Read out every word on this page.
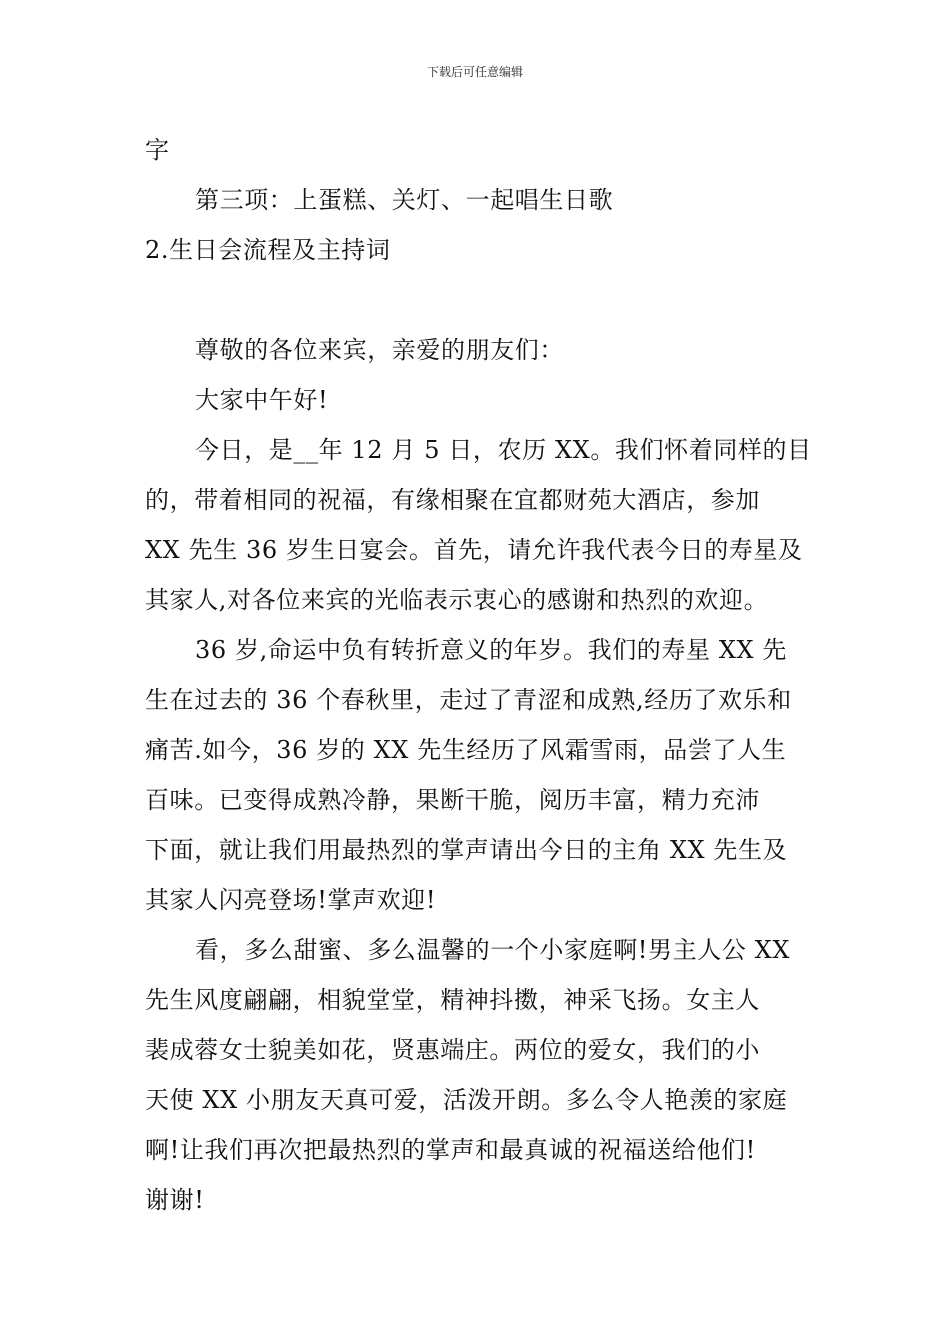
下载后可任意编辑
字
第三项：上蛋糕、关灯、一起唱生日歌
2.生日会流程及主持词
尊敬的各位来宾，亲爱的朋友们：
大家中午好!
今日，是__年 12 月 5 日，农历 XX。我们怀着同样的目
的，带着相同的祝福，有缘相聚在宜都财苑大酒店，参加
XX 先生 36 岁生日宴会。首先，请允许我代表今日的寿星及
其家人,对各位来宾的光临表示衷心的感谢和热烈的欢迎。
36 岁,命运中负有转折意义的年岁。我们的寿星 XX 先
生在过去的 36 个春秋里，走过了青涩和成熟,经历了欢乐和
痛苦.如今，36 岁的 XX 先生经历了风霜雪雨，品尝了人生
百味。已变得成熟冷静，果断干脆，阅历丰富，精力充沛
下面，就让我们用最热烈的掌声请出今日的主角 XX 先生及
其家人闪亮登场!掌声欢迎!
看，多么甜蜜、多么温馨的一个小家庭啊!男主人公 XX
先生风度翩翩，相貌堂堂，精神抖擞，神采飞扬。女主人
裴成蓉女士貌美如花，贤惠端庄。两位的爱女，我们的小
天使 XX 小朋友天真可爱，活泼开朗。多么令人艳羡的家庭
啊!让我们再次把最热烈的掌声和最真诚的祝福送给他们!
谢谢!
